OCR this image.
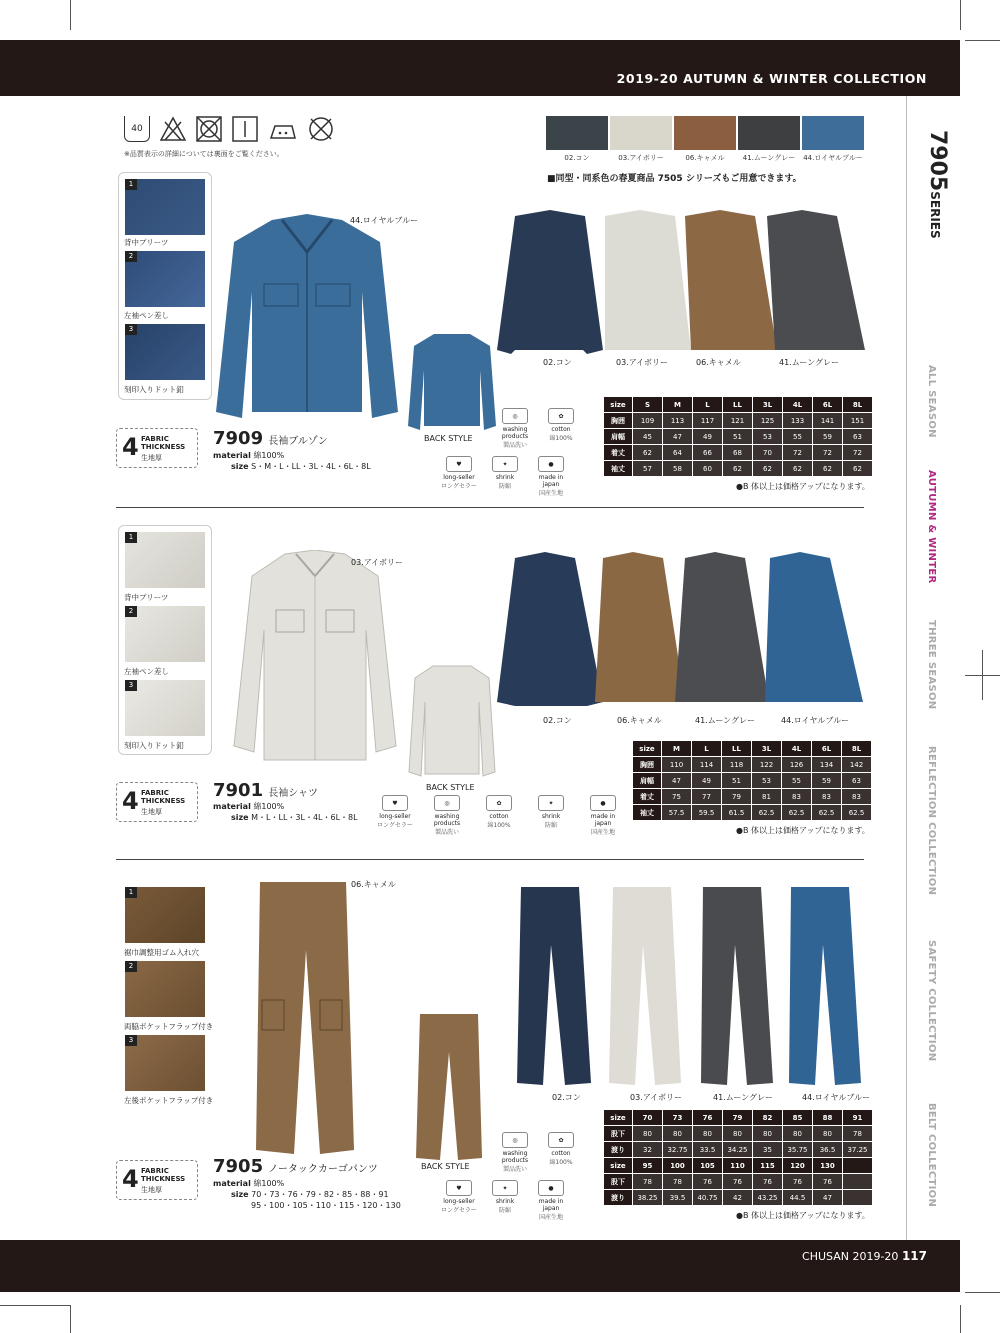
2019-20 AUTUMN & WINTER COLLECTION
CHUSAN 2019-20 117
7905SERIES
ALL SEASON
AUTUMN & WINTER
THREE SEASON
REFLECTION COLLECTION
SAFETY COLLECTION
BELT COLLECTION
40
※品質表示の詳細については裏面をご覧ください。	02.コン	03.アイボリー	06.キャメル	41.ムーングレー	44.ロイヤルブルー
■同型・同系色の春夏商品 7505 シリーズもご用意できます。
1
背中プリーツ
2
左袖ペン差し
3
刻印入りドット釦
44.ロイヤルブルー
BACK STYLE
4 FABRIC
THICKNESS
生地厚
7909 長袖ブルゾン
material 綿100%
size S・M・L・LL・3L・4L・6L・8L
02.コン	03.アイボリー	06.キャメル	41.ムーングレー
◎
washing products
製品洗い
✿
cotton
綿100%
♥
long-seller
ロングセラー
✦
shrink
防縮
●
made in japan
国産生地
size	S	M	L	LL	3L	4L	6L	8L
胸囲	109	113	117	121	125	133	141	151
肩幅	45	47	49	51	53	55	59	63
着丈	62	64	66	68	70	72	72	72
袖丈	57	58	60	62	62	62	62	62
●B 体以上は価格アップになります。
1
背中プリーツ
2
左袖ペン差し
3
刻印入りドット釦
03.アイボリー
BACK STYLE
4 FABRIC
THICKNESS
生地厚
7901 長袖シャツ
material 綿100%
size M・L・LL・3L・4L・6L・8L
02.コン	06.キャメル	41.ムーングレー	44.ロイヤルブルー
♥
long-seller
ロングセラー
◎
washing products
製品洗い
✿
cotton
綿100%
✦
shrink
防縮
●
made in japan
国産生地
size	M	L	LL	3L	4L	6L	8L
胸囲	110	114	118	122	126	134	142
肩幅	47	49	51	53	55	59	63
着丈	75	77	79	81	83	83	83
袖丈	57.5	59.5	61.5	62.5	62.5	62.5	62.5
●B 体以上は価格アップになります。
1
裾巾調整用ゴム入れ穴
2
両脇ポケットフラップ付き
3
左後ポケットフラップ付き
06.キャメル
BACK STYLE
4 FABRIC
THICKNESS
生地厚
7905 ノータックカーゴパンツ
material 綿100%
size 70・73・76・79・82・85・88・91
95・100・105・110・115・120・130
02.コン	03.アイボリー	41.ムーングレー	44.ロイヤルブルー
◎
washing products
製品洗い
✿
cotton
綿100%
♥
long-seller
ロングセラー
✦
shrink
防縮
●
made in japan
国産生地
size	70	73	76	79	82	85	88	91
股下	80	80	80	80	80	80	80	78
渡り	32	32.75	33.5	34.25	35	35.75	36.5	37.25
size	95	100	105	110	115	120	130	
股下	78	78	76	76	76	76	76	
渡り	38.25	39.5	40.75	42	43.25	44.5	47	
●B 体以上は価格アップになります。
